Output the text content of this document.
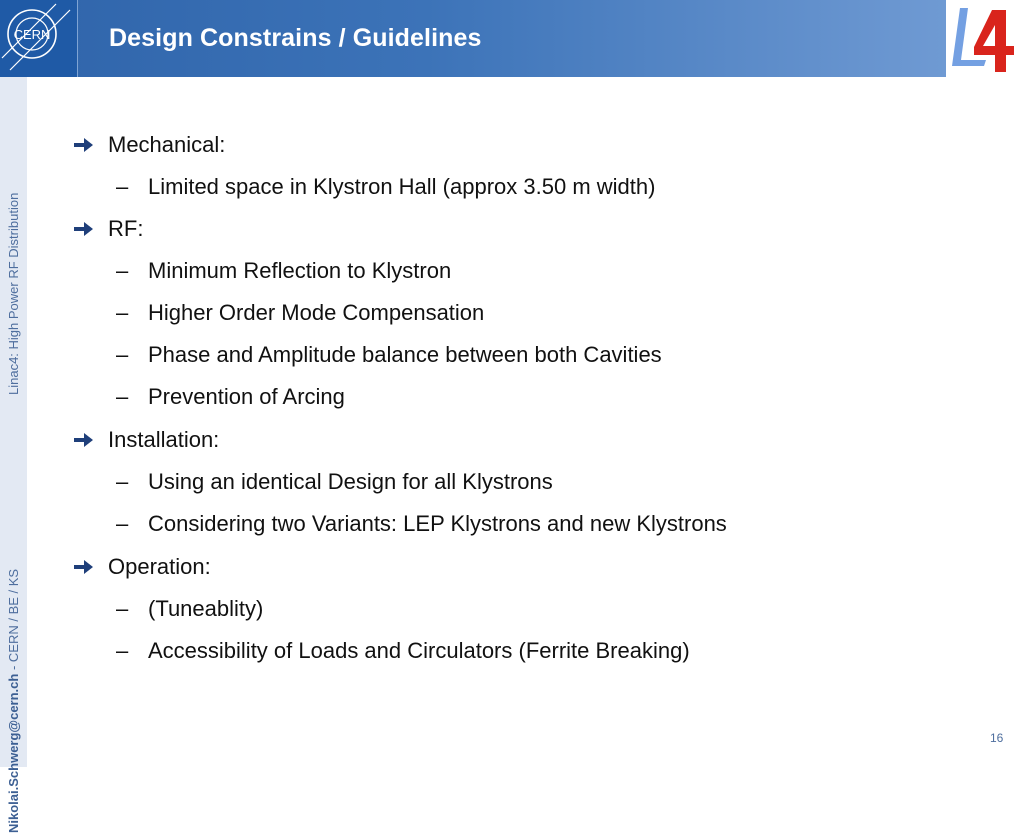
CERN Design Constrains / Guidelines
Linac4: High Power RF Distribution
Nikolai.Schwerg@cern.ch - CERN / BE / KS
Mechanical:
– Limited space in Klystron Hall (approx 3.50 m width)
RF:
– Minimum Reflection to Klystron
– Higher Order Mode Compensation
– Phase and Amplitude balance between both Cavities
– Prevention of Arcing
Installation:
– Using an identical Design for all Klystrons
– Considering two Variants: LEP Klystrons and new Klystrons
Operation:
– (Tuneablity)
– Accessibility of Loads and Circulators (Ferrite Breaking)
16
